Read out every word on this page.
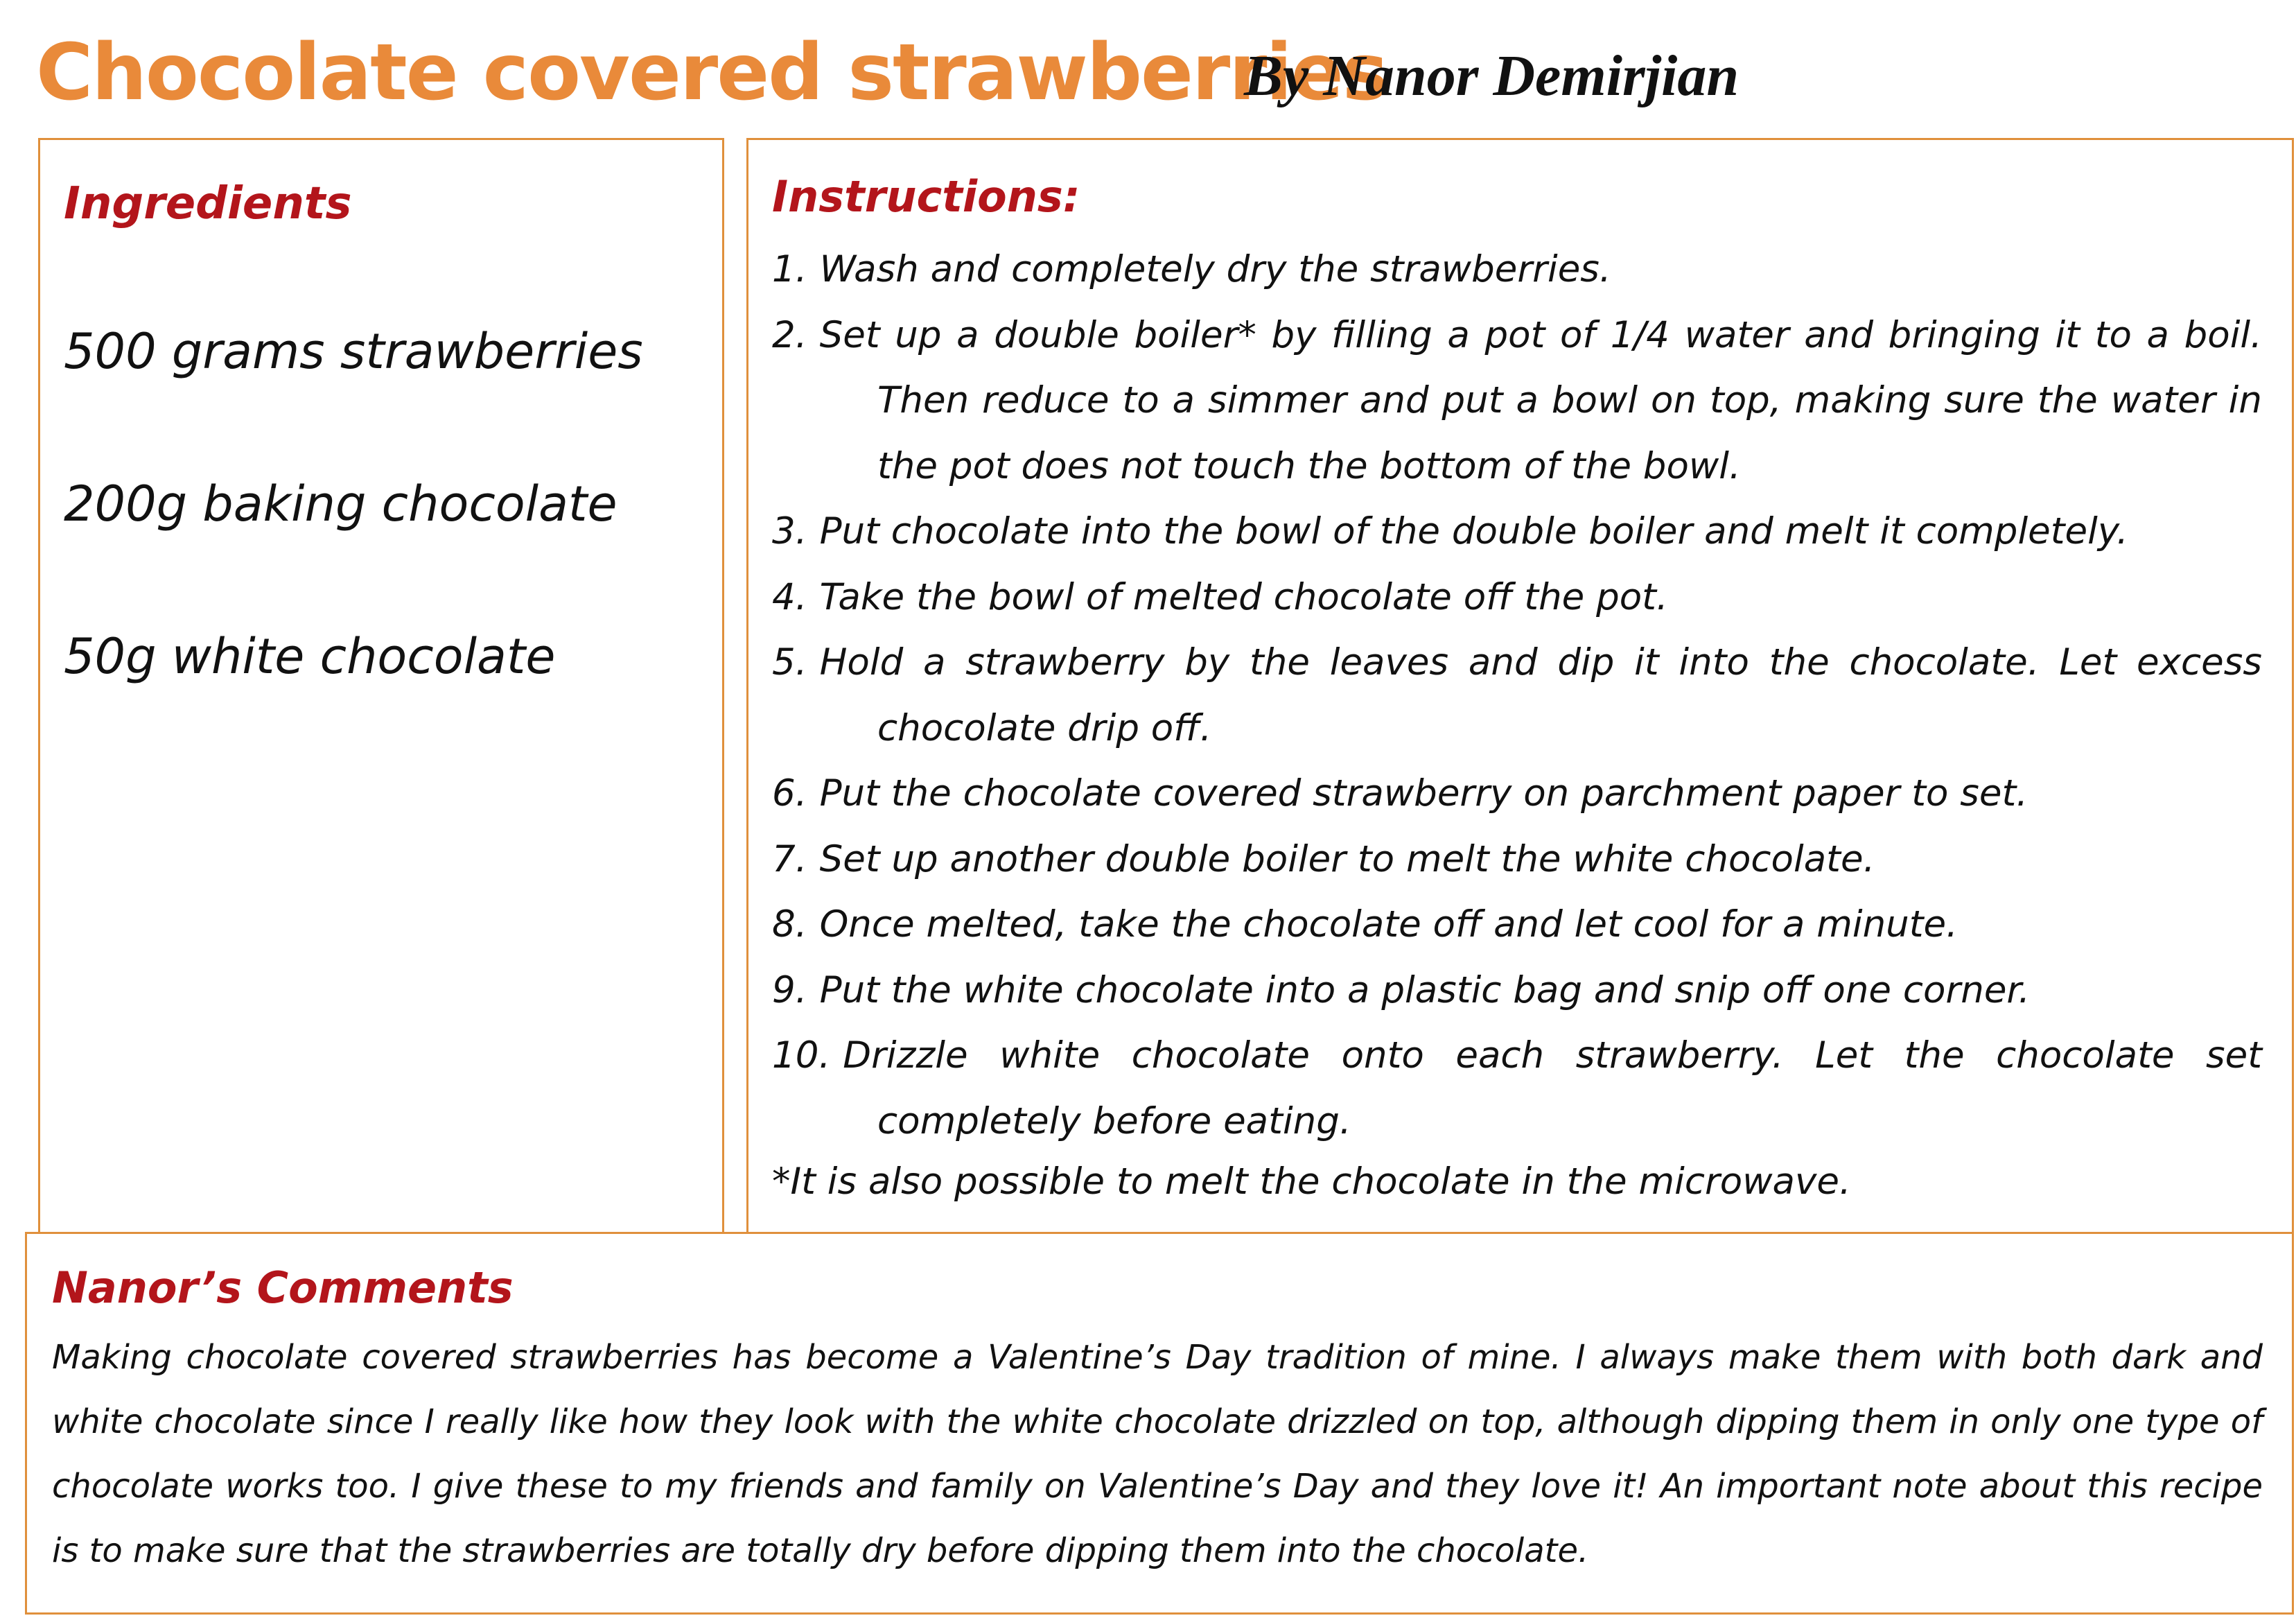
Chocolate covered strawberries
By Nanor Demirjian
Ingredients
500 grams strawberries
200g baking chocolate
50g white chocolate
Instructions:
1. Wash and completely dry the strawberries.
2. Set up a double boiler* by filling a pot of 1/4 water and bringing it to a boil. Then reduce to a simmer and put a bowl on top, making sure the water in the pot does not touch the bottom of the bowl.
3. Put chocolate into the bowl of the double boiler and melt it completely.
4. Take the bowl of melted chocolate off the pot.
5. Hold a strawberry by the leaves and dip it into the chocolate. Let excess chocolate drip off.
6. Put the chocolate covered strawberry on parchment paper to set.
7. Set up another double boiler to melt the white chocolate.
8. Once melted, take the chocolate off and let cool for a minute.
9. Put the white chocolate into a plastic bag and snip off one corner.
10. Drizzle white chocolate onto each strawberry. Let the chocolate set completely before eating.
*It is also possible to melt the chocolate in the microwave.
Nanor’s Comments

Making chocolate covered strawberries has become a Valentine’s Day tradition of mine. I always make them with both dark and white chocolate since I really like how they look with the white chocolate drizzled on top, although dipping them in only one type of chocolate works too. I give these to my friends and family on Valentine’s Day and they love it! An important note about this recipe is to make sure that the strawberries are totally dry before dipping them into the chocolate.
